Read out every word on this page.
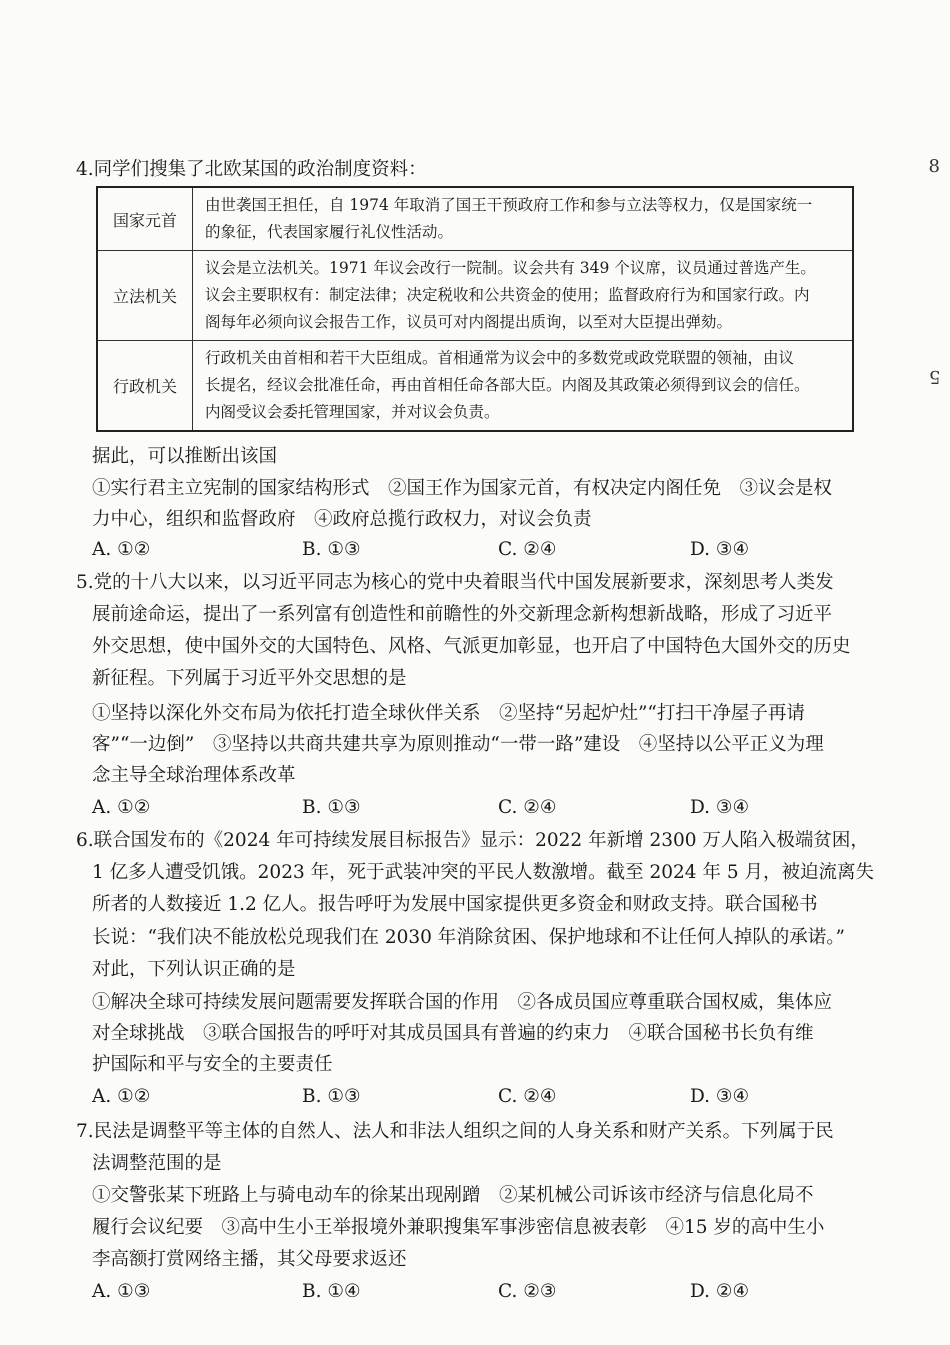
8
5
4.同学们搜集了北欧某国的政治制度资料：
国家元首	由世袭国王担任，自 1974 年取消了国王干预政府工作和参与立法等权力，仅是国家统一
的象征，代表国家履行礼仪性活动。

立法机关	议会是立法机关。1971 年议会改行一院制。议会共有 349 个议席，议员通过普选产生。
议会主要职权有：制定法律；决定税收和公共资金的使用；监督政府行为和国家行政。内
阁每年必须向议会报告工作，议员可对内阁提出质询，以至对大臣提出弹劾。

行政机关	行政机关由首相和若干大臣组成。首相通常为议会中的多数党或政党联盟的领袖，由议
长提名，经议会批准任命，再由首相任命各部大臣。内阁及其政策必须得到议会的信任。
内阁受议会委托管理国家，并对议会负责。
据此，可以推断出该国
①实行君主立宪制的国家结构形式　②国王作为国家元首，有权决定内阁任免　③议会是权
力中心，组织和监督政府　④政府总揽行政权力，对议会负责
A. ①②	B. ①③	C. ②④	D. ③④
5.党的十八大以来，以习近平同志为核心的党中央着眼当代中国发展新要求，深刻思考人类发
展前途命运，提出了一系列富有创造性和前瞻性的外交新理念新构想新战略，形成了习近平
外交思想，使中国外交的大国特色、风格、气派更加彰显，也开启了中国特色大国外交的历史
新征程。下列属于习近平外交思想的是
①坚持以深化外交布局为依托打造全球伙伴关系　②坚持“另起炉灶”“打扫干净屋子再请
客”“一边倒”　③坚持以共商共建共享为原则推动“一带一路”建设　④坚持以公平正义为理
念主导全球治理体系改革
A. ①②	B. ①③	C. ②④	D. ③④
6.联合国发布的《2024 年可持续发展目标报告》显示：2022 年新增 2300 万人陷入极端贫困，
1 亿多人遭受饥饿。2023 年，死于武装冲突的平民人数激增。截至 2024 年 5 月，被迫流离失
所者的人数接近 1.2 亿人。报告呼吁为发展中国家提供更多资金和财政支持。联合国秘书
长说：“我们决不能放松兑现我们在 2030 年消除贫困、保护地球和不让任何人掉队的承诺。”
对此，下列认识正确的是
①解决全球可持续发展问题需要发挥联合国的作用　②各成员国应尊重联合国权威，集体应
对全球挑战　③联合国报告的呼吁对其成员国具有普遍的约束力　④联合国秘书长负有维
护国际和平与安全的主要责任
A. ①②	B. ①③	C. ②④	D. ③④
7.民法是调整平等主体的自然人、法人和非法人组织之间的人身关系和财产关系。下列属于民
法调整范围的是
①交警张某下班路上与骑电动车的徐某出现剐蹭　②某机械公司诉该市经济与信息化局不
履行会议纪要　③高中生小王举报境外兼职搜集军事涉密信息被表彰　④15 岁的高中生小
李高额打赏网络主播，其父母要求返还
A. ①③	B. ①④	C. ②③	D. ②④
